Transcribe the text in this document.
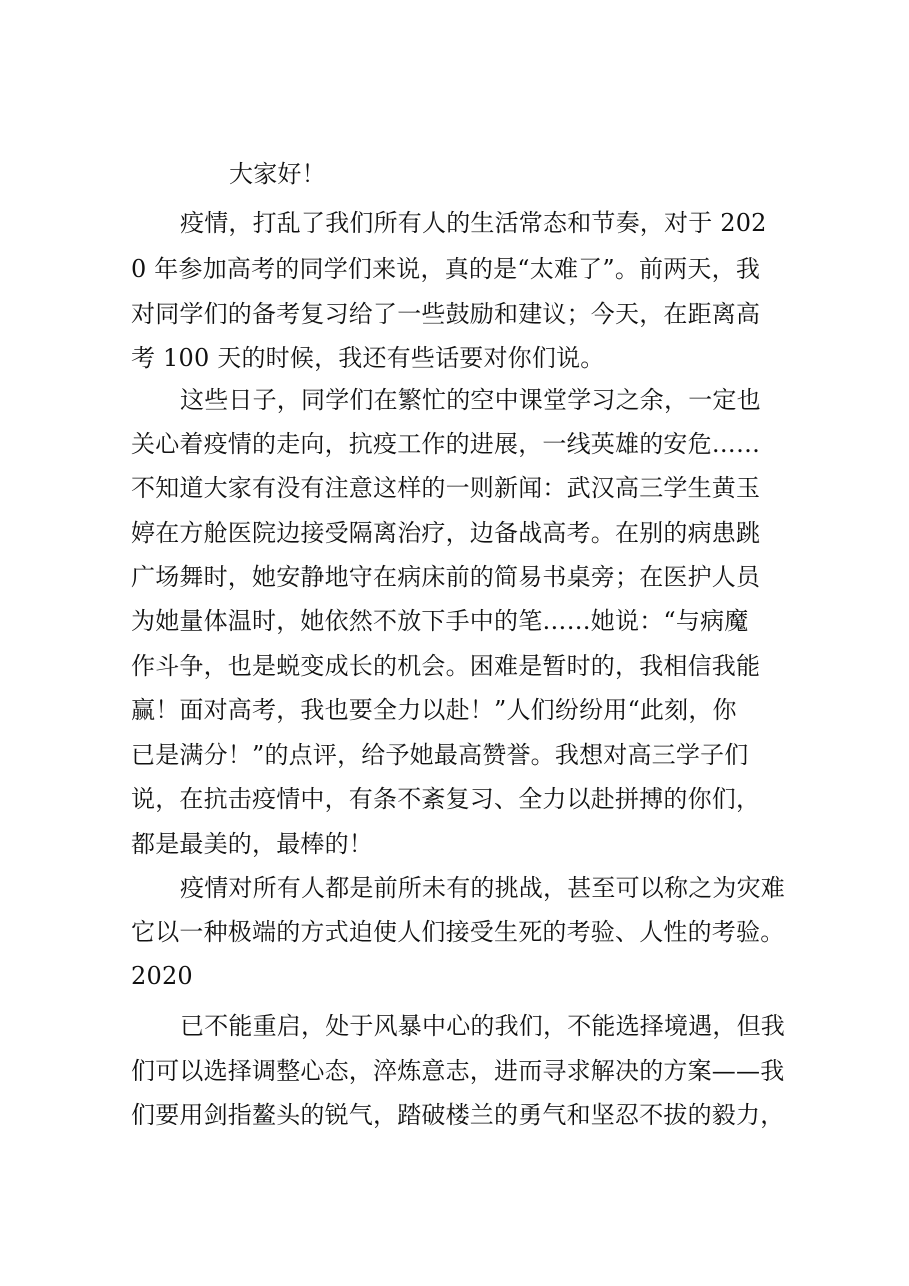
大家好！
疫情，打乱了我们所有人的生活常态和节奏，对于 202
0 年参加高考的同学们来说，真的是“太难了”。前两天，我
对同学们的备考复习给了一些鼓励和建议；今天，在距离高
考 100 天的时候，我还有些话要对你们说。
这些日子，同学们在繁忙的空中课堂学习之余，一定也
关心着疫情的走向，抗疫工作的进展，一线英雄的安危……
不知道大家有没有注意这样的一则新闻：武汉高三学生黄玉
婷在方舱医院边接受隔离治疗，边备战高考。在别的病患跳
广场舞时，她安静地守在病床前的简易书桌旁；在医护人员
为她量体温时，她依然不放下手中的笔……她说：“与病魔
作斗争，也是蜕变成长的机会。困难是暂时的，我相信我能
赢！面对高考，我也要全力以赴！”人们纷纷用“此刻，你
已是满分！”的点评，给予她最高赞誉。我想对高三学子们
说，在抗击疫情中，有条不紊复习、全力以赴拼搏的你们，
都是最美的，最棒的！
疫情对所有人都是前所未有的挑战，甚至可以称之为灾难
它以一种极端的方式迫使人们接受生死的考验、人性的考验。
2020
已不能重启，处于风暴中心的我们，不能选择境遇，但我
们可以选择调整心态，淬炼意志，进而寻求解决的方案——我
们要用剑指鳌头的锐气，踏破楼兰的勇气和坚忍不拔的毅力，
